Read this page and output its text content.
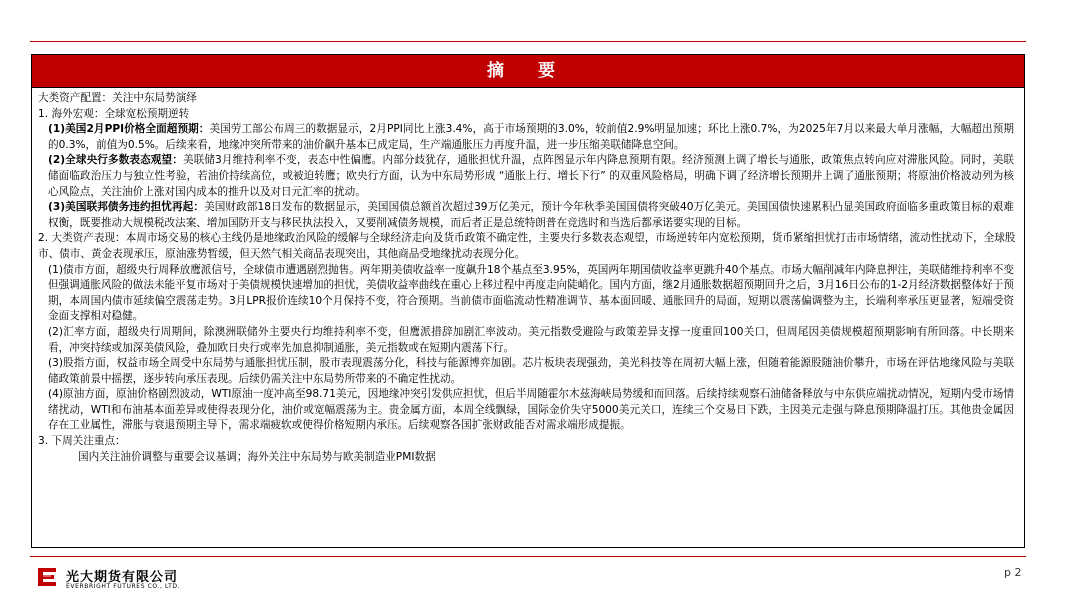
摘 要

大类资产配置：关注中东局势演绎

1. 海外宏观：全球宽松预期逆转

(1)美国2月PPI价格全面超预期：美国劳工部公布周三的数据显示，2月PPI同比上涨3.4%，高于市场预期的3.0%，较前值2.9%明显加速；环比上涨0.7%，为2025年7月以来最大单月涨幅，大幅超出预期的0.3%，前值为0.5%。后续来看，地缘冲突所带来的油价飙升基本已成定局，生产端通胀压力再度升温，进一步压缩美联储降息空间。

(2)全球央行多数表态观望：美联储3月维持利率不变，表态中性偏鹰。内部分歧犹存，通胀担忧升温，点阵图显示年内降息预期有限。经济预测上调了增长与通胀，政策焦点转向应对滞胀风险。同时，美联储面临政治压力与独立性考验，若油价持续高位，或被迫转鹰；欧央行方面，认为中东局势形成 “通胀上行、增长下行” 的双重风险格局，明确下调了经济增长预期并上调了通胀预期；将原油价格波动列为核心风险点，关注油价上涨对国内成本的推升以及对日元汇率的扰动。

(3)美国联邦债务违约担忧再起：美国财政部18日发布的数据显示，美国国债总额首次超过39万亿美元，预计今年秋季美国国债将突破40万亿美元。美国国债快速累积凸显美国政府面临多重政策目标的艰难权衡，既要推动大规模税改法案、增加国防开支与移民执法投入，又要削减债务规模，而后者正是总统特朗普在竞选时和当选后都承诺要实现的目标。

2. 大类资产表现：本周市场交易的核心主线仍是地缘政治风险的缓解与全球经济走向及货币政策不确定性，主要央行多数表态观望，市场逆转年内宽松预期，货币紧缩担忧打击市场情绪，流动性扰动下，全球股市、债市、黄金表现承压，原油涨势暂缓，但天然气相关商品表现突出，其他商品受地缘扰动表现分化。

(1)债市方面，超级央行周释放鹰派信号，全球债市遭遇剧烈抛售。两年期美债收益率一度飙升18个基点至3.95%，英国两年期国债收益率更跳升40个基点。市场大幅削减年内降息押注，美联储维持利率不变但强调通胀风险的做法未能平复市场对于美债规模快速增加的担忧，美债收益率曲线在重心上移过程中再度走向陡峭化。国内方面，继2月通胀数据超预期回升之后，3月16日公布的1-2月经济数据整体好于预期，本周国内债市延续偏空震荡走势。3月LPR报价连续10个月保持不变，符合预期。当前债市面临流动性精准调节、基本面回暖、通胀回升的局面，短期以震荡偏调整为主，长端利率承压更显著，短端受资金面支撑相对稳健。

(2)汇率方面，超级央行周期间，除澳洲联储外主要央行均维持利率不变，但鹰派措辞加剧汇率波动。美元指数受避险与政策差异支撑一度重回100关口，但周尾因美债规模超预期影响有所回落。中长期来看，冲突持续或加深美债风险，叠加欧日央行或率先加息抑制通胀，美元指数或在短期内震荡下行。

(3)股指方面，权益市场全周受中东局势与通胀担忧压制，股市表现震荡分化，科技与能源博弈加剧。芯片板块表现强劲，美光科技等在周初大幅上涨，但随着能源股随油价攀升，市场在评估地缘风险与美联储政策前景中摇摆，逐步转向承压表现。后续仍需关注中东局势所带来的不确定性扰动。

(4)原油方面，原油价格剧烈波动，WTI原油一度冲高至98.71美元，因地缘冲突引发供应担忧，但后半周随霍尔木兹海峡局势缓和而回落。后续持续观察石油储备释放与中东供应端扰动情况，短期内受市场情绪扰动，WTI和布油基本面差异或使得表现分化，油价或宽幅震荡为主。贵金属方面，本周全线飘绿，国际金价失守5000美元关口，连续三个交易日下跌，主因美元走强与降息预期降温打压。其他贵金属因存在工业属性，滞胀与衰退预期主导下，需求端疲软或使得价格短期内承压。后续观察各国扩张财政能否对需求端形成提振。

3. 下周关注重点：

国内关注油价调整与重要会议基调；海外关注中东局势与欧美制造业PMI数据

光大期货有限公司
EVERBRIGHT FUTURES CO., LTD.
p 2
